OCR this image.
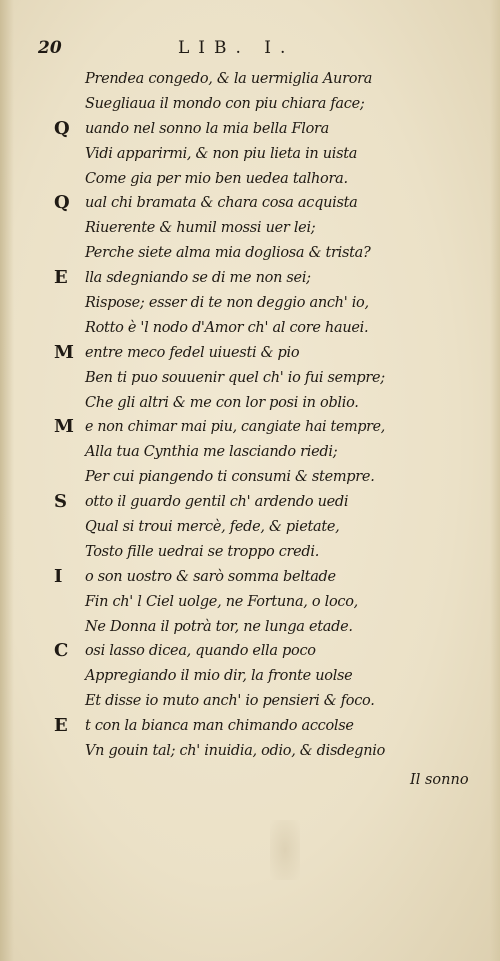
20	LIB. I.
Prendea congedo, & la uermiglia Aurora
Suegliaua il mondo con piu chiara face;
Q uando nel sonno la mia bella Flora
Vidi apparirmi, & non piu lieta in uista
Come gia per mio ben uedea talhora.
Q ual chi bramata & chara cosa acquista
Riuerente & humil mossi uer lei;
Perche siete alma mia dogliosa & trista?
E lla sdegniando se di me non sei;
Rispose; esser di te non deggio anch' io,
Rotto è 'l nodo d'Amor ch' al core hauei.
M entre meco fedel uiuesti & pio
Ben ti puo souuenir quel ch' io fui sempre;
Che gli altri & me con lor posi in oblio.
M e non chimar mai piu, cangiate hai tempre,
Alla tua Cynthia me lasciando riedi;
Per cui piangendo ti consumi & stempre.
S otto il guardo gentil ch' ardendo uedi
Qual si troui mercè, fede, & pietate,
Tosto fille uedrai se troppo credi.
I o son uostro & sarò somma beltade
Fin ch' l Ciel uolge, ne Fortuna, o loco,
Ne Donna il potrà tor, ne lunga etade.
C osi lasso dicea, quando ella poco
Appregiando il mio dir, la fronte uolse
Et disse io muto anch' io pensieri & foco.
E t con la bianca man chimando accolse
Vn gouin tal; ch' inuidia, odio, & disdegnio
Il sonno
